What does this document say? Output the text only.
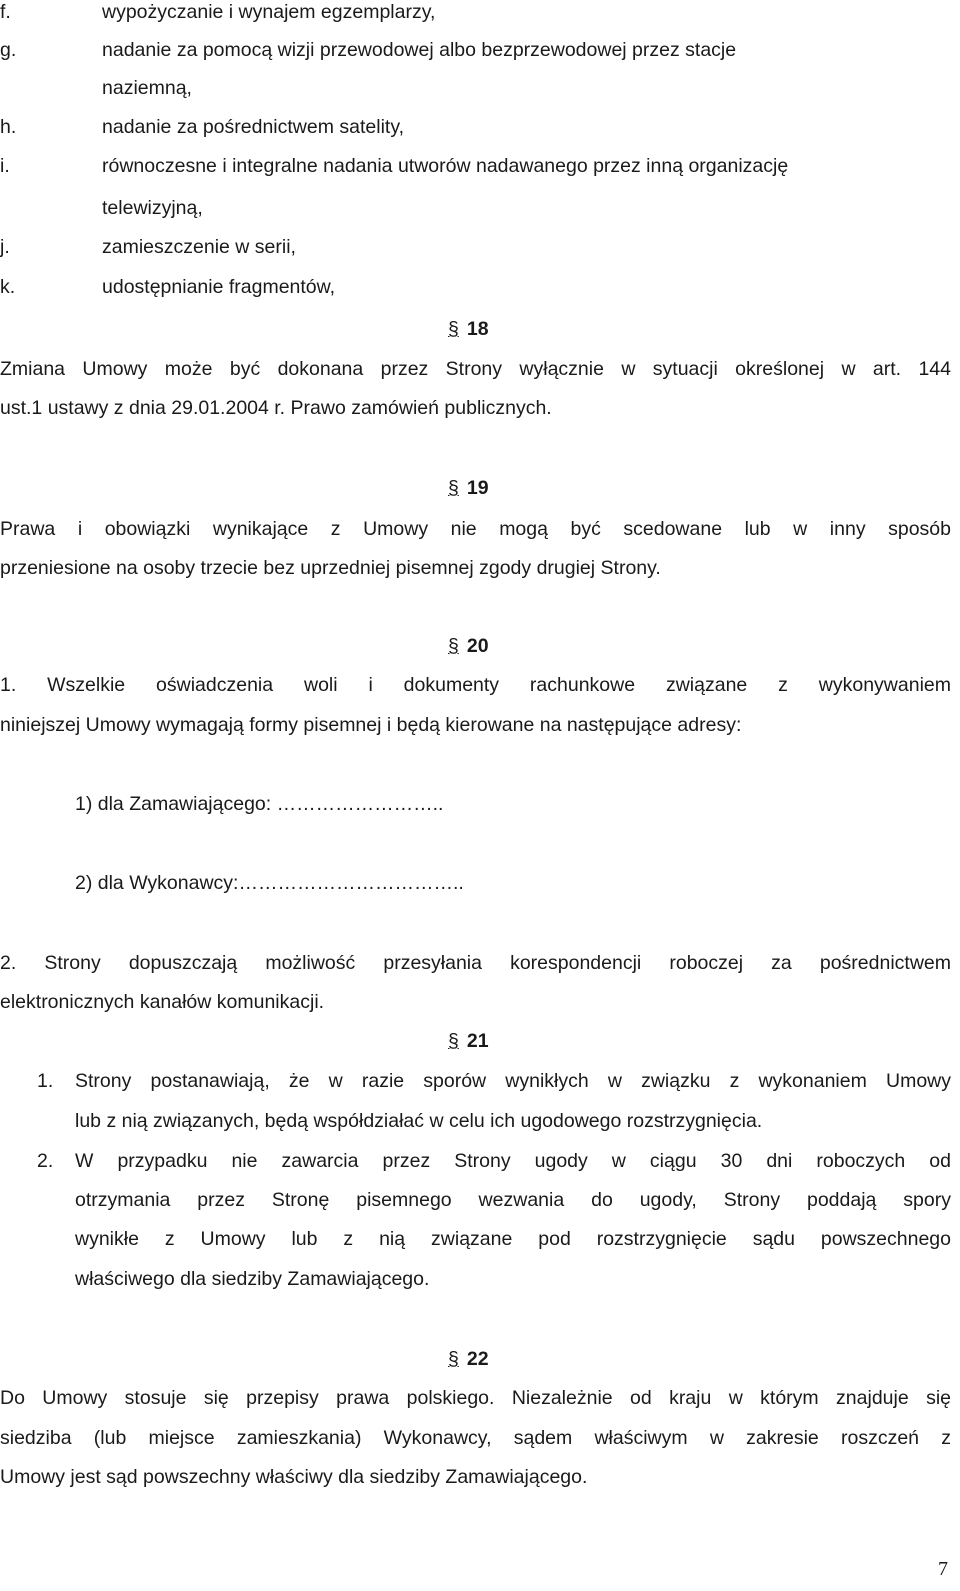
f.	wypożyczanie i wynajem egzemplarzy,
g.	nadanie za pomocą wizji przewodowej albo bezprzewodowej przez stacje
naziemną,
h.	nadanie za pośrednictwem satelity,
i.	równoczesne i integralne nadania utworów nadawanego przez inną organizację
telewizyjną,
j.	zamieszczenie w serii,
k.	udostępnianie fragmentów,
§ 18
Zmiana Umowy może być dokonana przez Strony wyłącznie w sytuacji określonej w art. 144
ust.1 ustawy z dnia 29.01.2004 r. Prawo zamówień publicznych.
§ 19
Prawa i obowiązki wynikające z Umowy nie mogą być scedowane lub w inny sposób
przeniesione na osoby trzecie bez uprzedniej pisemnej zgody drugiej Strony.
§ 20
1. Wszelkie oświadczenia woli i dokumenty rachunkowe związane z wykonywaniem
niniejszej Umowy wymagają formy pisemnej i będą kierowane na następujące adresy:
1) dla Zamawiającego: ……………………..
2) dla Wykonawcy:……………………………..
2. Strony dopuszczają możliwość przesyłania korespondencji roboczej za pośrednictwem
elektronicznych kanałów komunikacji.
§ 21
1. Strony postanawiają, że w razie sporów wynikłych w związku z wykonaniem Umowy
lub z nią związanych, będą współdziałać w celu ich ugodowego rozstrzygnięcia.
2. W przypadku nie zawarcia przez Strony ugody w ciągu 30 dni roboczych od
otrzymania przez Stronę pisemnego wezwania do ugody, Strony poddają spory
wynikłe z Umowy lub z nią związane pod rozstrzygnięcie sądu powszechnego
właściwego dla siedziby Zamawiającego.
§ 22
Do Umowy stosuje się przepisy prawa polskiego. Niezależnie od kraju w którym znajduje się
siedziba (lub miejsce zamieszkania) Wykonawcy, sądem właściwym w zakresie roszczeń z
Umowy jest sąd powszechny właściwy dla siedziby Zamawiającego.
7
